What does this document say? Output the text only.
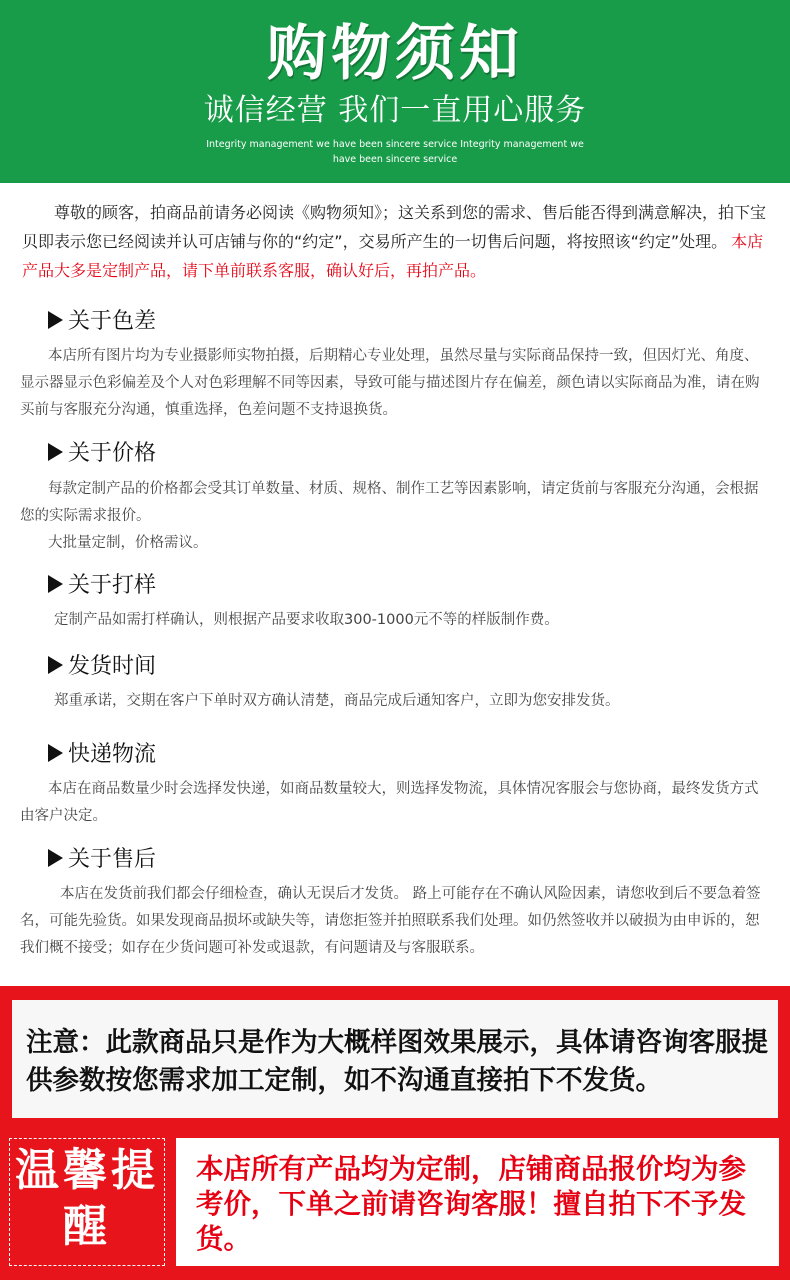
购物须知
诚信经营 我们一直用心服务
Integrity management we have been sincere service Integrity management we have been sincere service
尊敬的顾客，拍商品前请务必阅读《购物须知》；这关系到您的需求、售后能否得到满意解决，拍下宝贝即表示您已经阅读并认可店铺与你的“约定”，交易所产生的一切售后问题，将按照该“约定”处理。 本店产品大多是定制产品，请下单前联系客服，确认好后，再拍产品。
关于色差

本店所有图片均为专业摄影师实物拍摄，后期精心专业处理，虽然尽量与实际商品保持一致，但因灯光、角度、显示器显示色彩偏差及个人对色彩理解不同等因素，导致可能与描述图片存在偏差，颜色请以实际商品为准，请在购买前与客服充分沟通，慎重选择，色差问题不支持退换货。

关于价格

每款定制产品的价格都会受其订单数量、材质、规格、制作工艺等因素影响，请定货前与客服充分沟通，会根据您的实际需求报价。

大批量定制，价格需议。

关于打样

定制产品如需打样确认，则根据产品要求收取300-1000元不等的样版制作费。

发货时间

郑重承诺，交期在客户下单时双方确认清楚，商品完成后通知客户，立即为您安排发货。

快递物流

本店在商品数量少时会选择发快递，如商品数量较大，则选择发物流，具体情况客服会与您协商，最终发货方式由客户决定。

关于售后

本店在发货前我们都会仔细检查，确认无误后才发货。 路上可能存在不确认风险因素，请您收到后不要急着签名，可能先验货。如果发现商品损坏或缺失等，请您拒签并拍照联系我们处理。如仍然签收并以破损为由申诉的，恕我们概不接受；如存在少货问题可补发或退款，有问题请及与客服联系。

注意：此款商品只是作为大概样图效果展示，具体请咨询客服提供参数按您需求加工定制，如不沟通直接拍下不发货。
温馨提醒
本店所有产品均为定制，店铺商品报价均为参考价，下单之前请咨询客服！擅自拍下不予发货。
